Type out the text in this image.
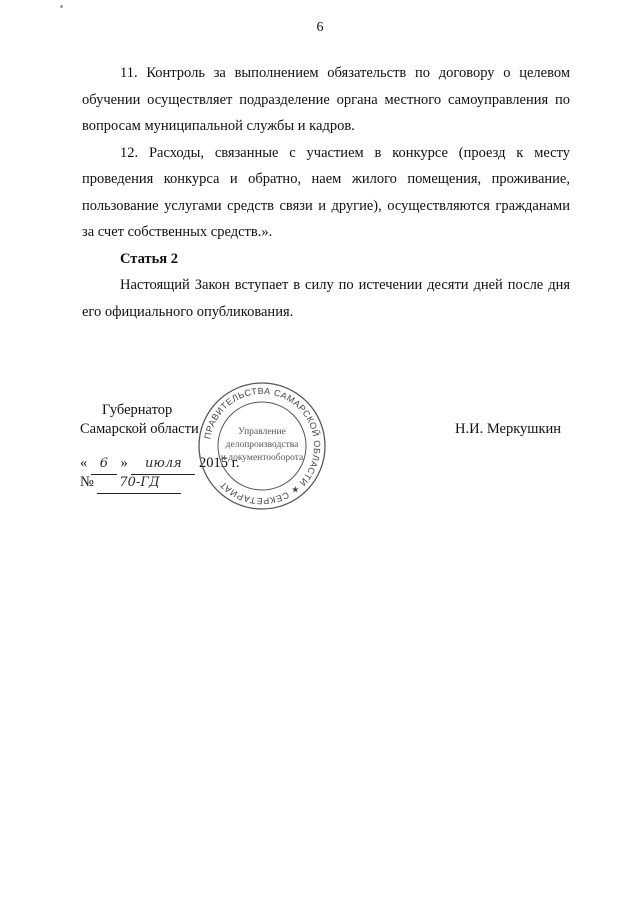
6

11. Контроль за выполнением обязательств по договору о целевом обучении осуществляет подразделение органа местного самоуправления по вопросам муниципальной службы и кадров.

12. Расходы, связанные с участием в конкурсе (проезд к месту проведения конкурса и обратно, наем жилого помещения, проживание, пользование услугами средств связи и другие), осуществляются гражданами за счет собственных средств.».

Статья 2

Настоящий Закон вступает в силу по истечении десяти дней после дня его официального опубликования.

Губернатор
Самарской области	Н.И. Меркушкин
« 6 » июля 2015 г.
№ 70-ГД
ПРАВИТЕЛЬСТВА САМАРСКОЙ ОБЛАСТИ ★ СЕКРЕТАРИАТ
Управление
делопроизводства
и документооборота
